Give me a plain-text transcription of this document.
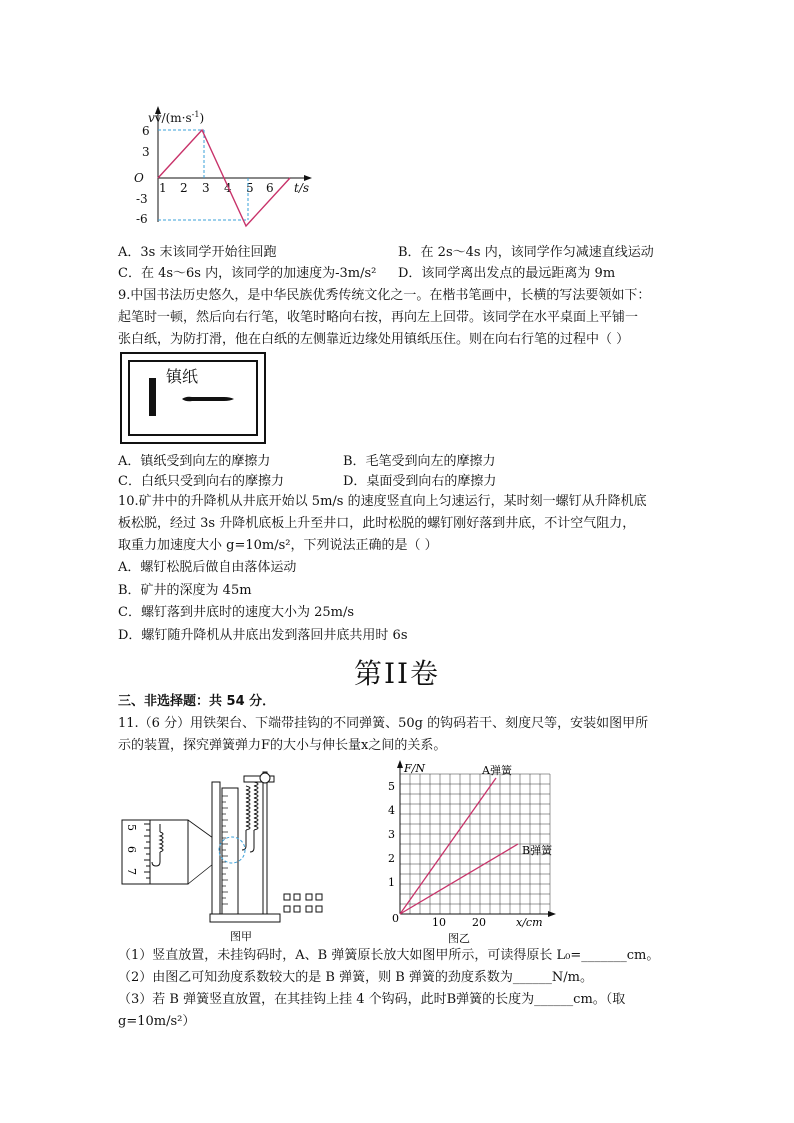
$vv/(m\cdot s^{-1})$
O
t/s
6
3
-3
-6
1 2 3 4 5 6
A．3s 末该同学开始往回跑	B．在 2s～4s 内，该同学作匀减速直线运动
C．在 4s～6s 内，该同学的加速度为-3m/s² D．该同学离出发点的最远距离为 9m
9.中国书法历史悠久，是中华民族优秀传统文化之一。在楷书笔画中，长横的写法要领如下：
起笔时一顿，然后向右行笔，收笔时略向右按，再向左上回带。该同学在水平桌面上平铺一
张白纸，为防打滑，他在白纸的左侧靠近边缘处用镇纸压住。则在向右行笔的过程中（ ）
镇纸
A．镇纸受到向左的摩擦力	B．毛笔受到向左的摩擦力
C．白纸只受到向右的摩擦力	D．桌面受到向右的摩擦力
10.矿井中的升降机从井底开始以 5m/s 的速度竖直向上匀速运行，某时刻一螺钉从升降机底
板松脱，经过 3s 升降机底板上升至井口，此时松脱的螺钉刚好落到井底，不计空气阻力，
取重力加速度大小 g=10m/s²，下列说法正确的是（ ）
A．螺钉松脱后做自由落体运动
B．矿井的深度为 45m
C．螺钉落到井底时的速度大小为 25m/s
D．螺钉随升降机从井底出发到落回井底共用时 6s
第II卷
三、非选择题：共 54 分．
11.（6 分）用铁架台、下端带挂钩的不同弹簧、50g 的钩码若干、刻度尺等，安装如图甲所
示的装置，探究弹簧弹力F的大小与伸长量x之间的关系。
5
6
7
图甲
F/N
x/cm
0
1
2
3
4
5
10 20
A弹簧
B弹簧
图乙
（1）竖直放置，未挂钩码时，A、B 弹簧原长放大如图甲所示，可读得原长 L₀=_______cm。
（2）由图乙可知劲度系数较大的是 B 弹簧，则 B 弹簧的劲度系数为______N/m。
（3）若 B 弹簧竖直放置，在其挂钩上挂 4 个钩码，此时B弹簧的长度为______cm。（取
g=10m/s²）
